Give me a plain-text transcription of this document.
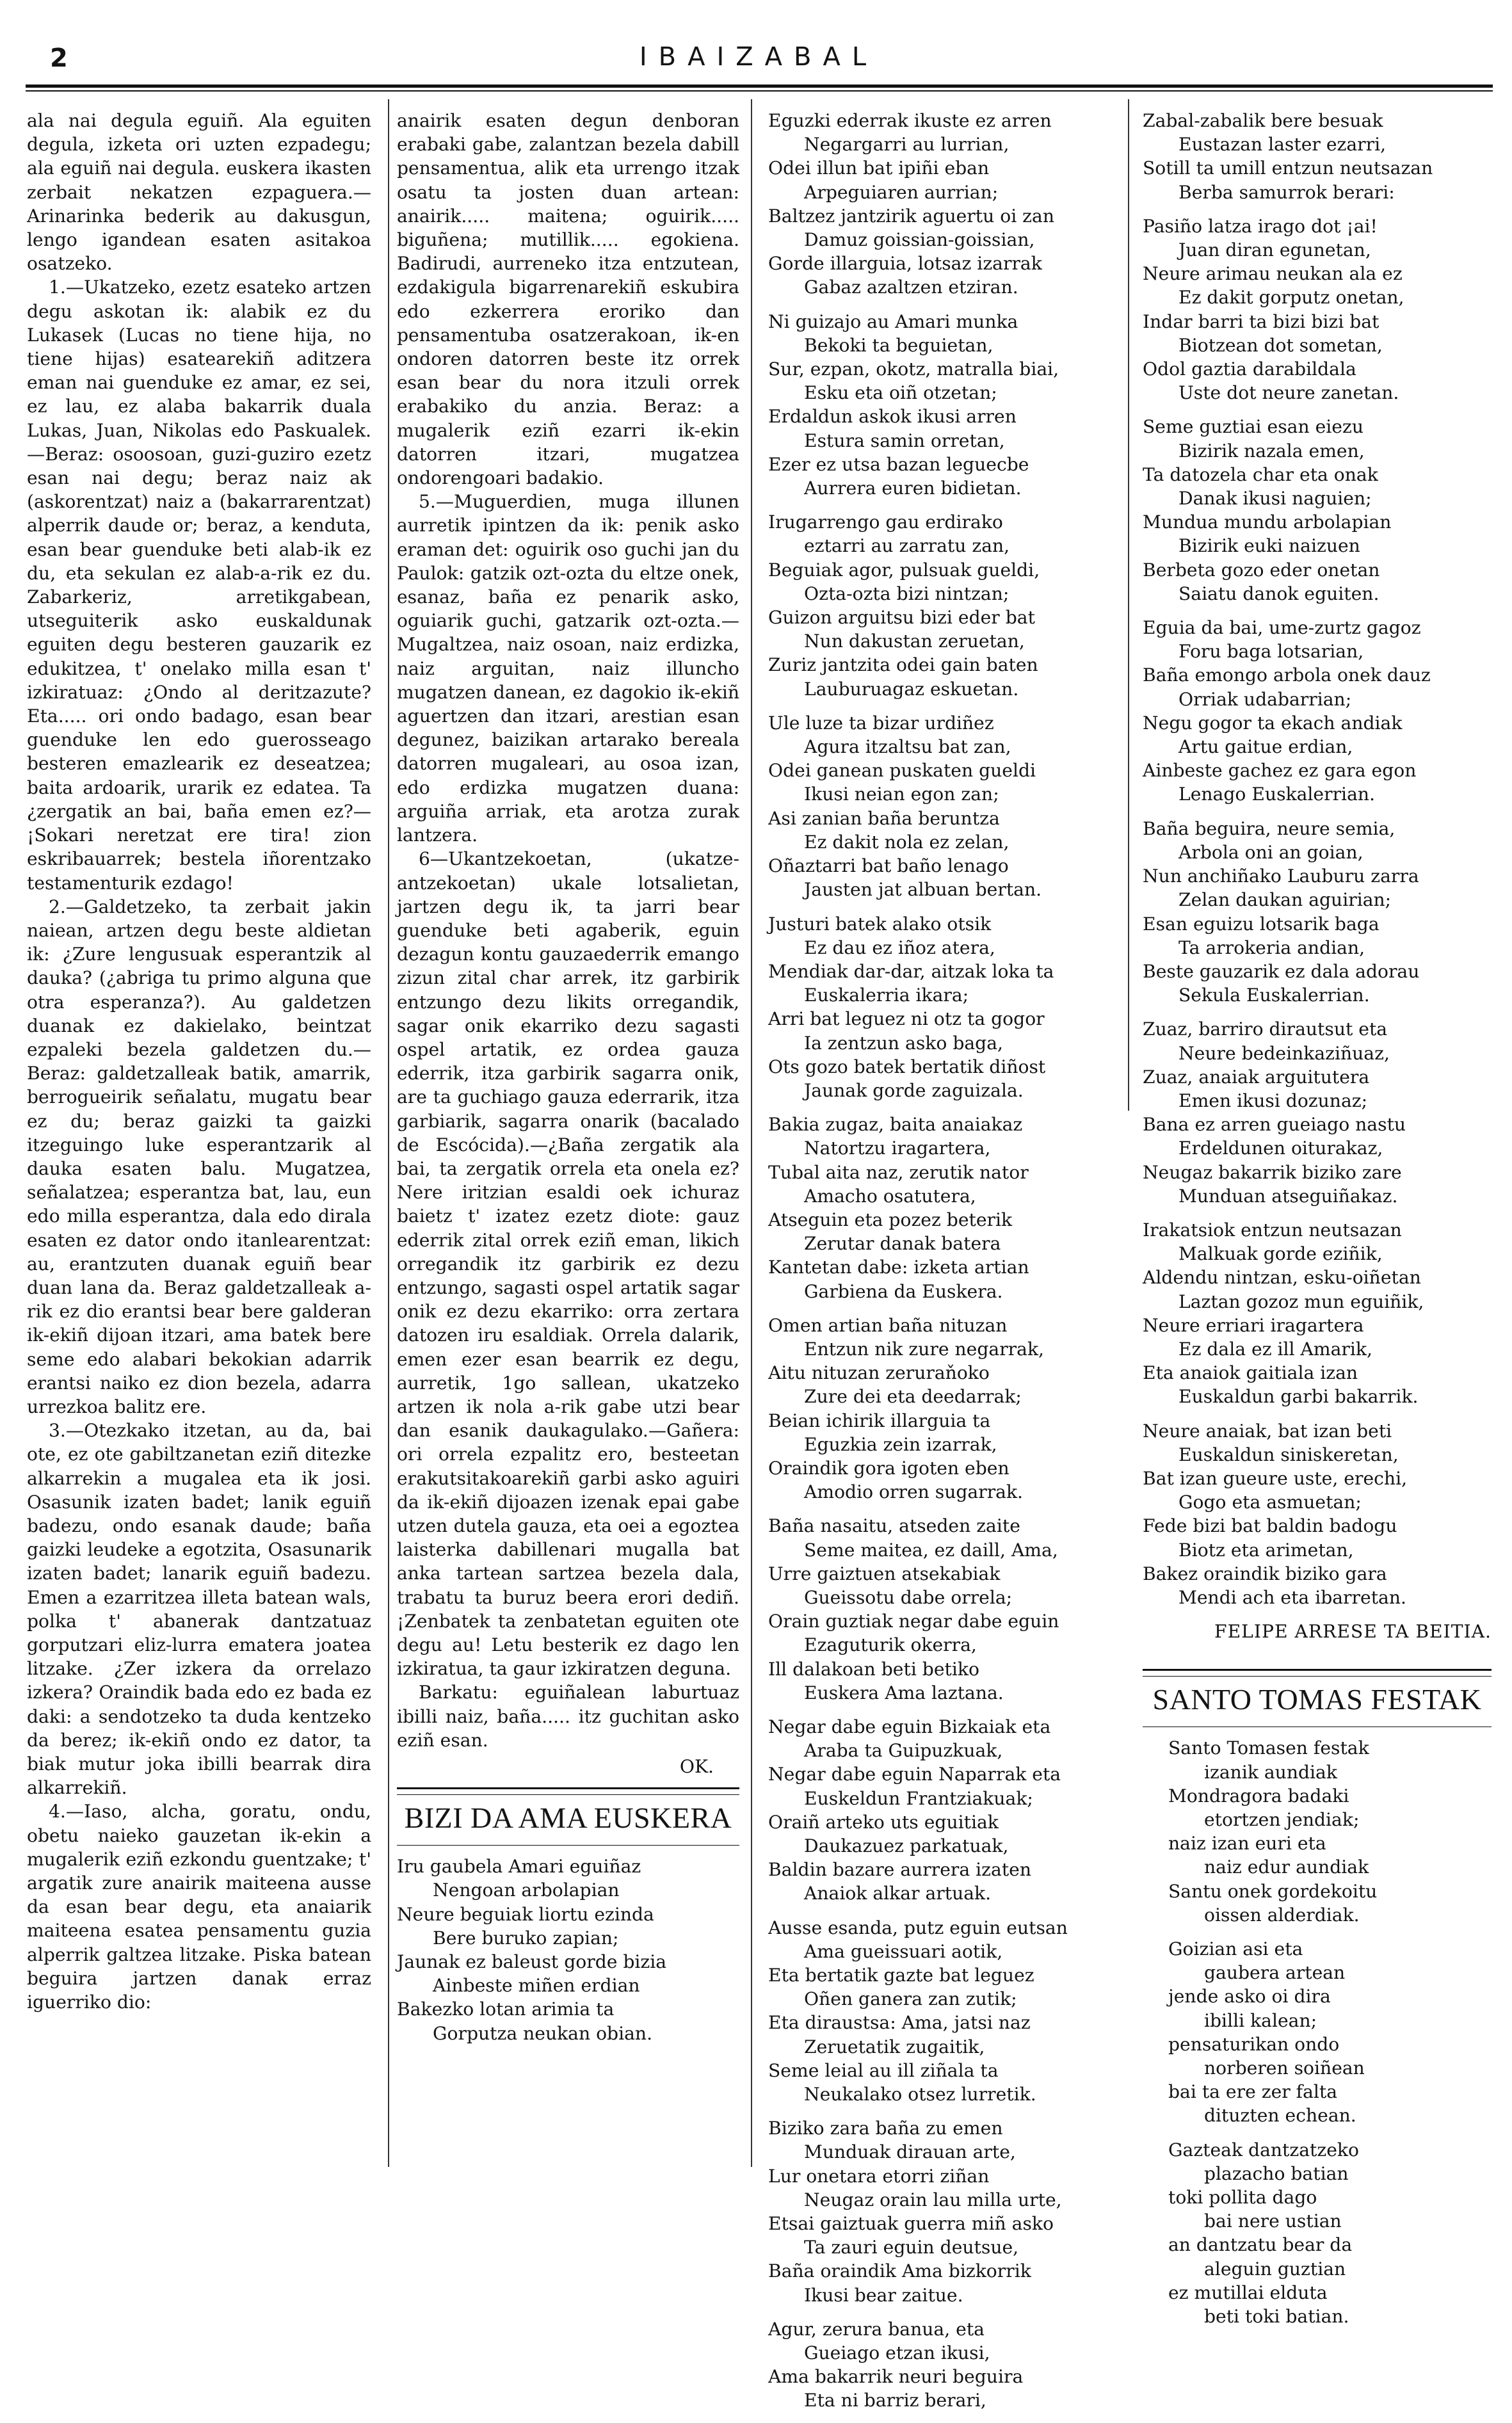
2	IBAIZABAL

ala nai degula eguiñ. Ala eguiten degula, izketa ori uzten ezpadegu; ala eguiñ nai degula. euskera ikasten zerbait nekatzen ezpaguera.—Arinarinka bederik au dakusgun, lengo igandean esaten asitakoa osatzeko.

1.—Ukatzeko, ezetz esateko artzen degu askotan ik: alabik ez du Lukasek (Lucas no tiene hija, no tiene hijas) esatearekiñ aditzera eman nai guenduke ez amar, ez sei, ez lau, ez alaba bakarrik duala Lukas, Juan, Nikolas edo Paskualek.—Beraz: osoosoan, guzi-guziro ezetz esan nai degu; beraz naiz ak (askorentzat) naiz a (bakarrarentzat) alperrik daude or; beraz, a kenduta, esan bear guenduke beti alab-ik ez du, eta sekulan ez alab-a-rik ez du. Zabarkeriz, arretikgabean, utseguiterik asko euskaldunak eguiten degu besteren gauzarik ez edukitzea, t' onelako milla esan t' izkiratuaz: ¿Ondo al deritzazute? Eta..... ori ondo badago, esan bear guenduke len edo guerosseago besteren emazlearik ez deseatzea; baita ardoarik, urarik ez edatea. Ta ¿zergatik an bai, baña emen ez?—¡Sokari neretzat ere tira! zion eskribauarrek; bestela iñorentzako testamenturik ezdago!

2.—Galdetzeko, ta zerbait jakin naiean, artzen degu beste aldietan ik: ¿Zure lengusuak esperantzik al dauka? (¿abriga tu primo alguna que otra esperanza?). Au galdetzen duanak ez dakielako, beintzat ezpaleki bezela galdetzen du.—Beraz: galdetzalleak batik, amarrik, berrogueirik señalatu, mugatu bear ez du; beraz gaizki ta gaizki itzeguingo luke esperantzarik al dauka esaten balu. Mugatzea, señalatzea; esperantza bat, lau, eun edo milla esperantza, dala edo dirala esaten ez dator ondo itanlearentzat: au, erantzuten duanak eguiñ bear duan lana da. Beraz galdetzalleak a-rik ez dio erantsi bear bere galderan ik-ekiñ dijoan itzari, ama batek bere seme edo alabari bekokian adarrik erantsi naiko ez dion bezela, adarra urrezkoa balitz ere.

3.—Otezkako itzetan, au da, bai ote, ez ote gabiltzanetan eziñ ditezke alkarrekin a mugalea eta ik josi. Osasunik izaten badet; lanik eguiñ badezu, ondo esanak daude; baña gaizki leudeke a egotzita, Osasunarik izaten badet; lanarik eguiñ badezu. Emen a ezarritzea illeta batean wals, polka t' abanerak dantzatuaz gorputzari eliz-lurra ematera joatea litzake. ¿Zer izkera da orrelazo izkera? Oraindik bada edo ez bada ez daki: a sendotzeko ta duda kentzeko da berez; ik-ekiñ ondo ez dator, ta biak mutur joka ibilli bearrak dira alkarrekiñ.

4.—Iaso, alcha, goratu, ondu, obetu naieko gauzetan ik-ekin a mugalerik eziñ ezkondu guentzake; t' argatik zure anairik maiteena ausse da esan bear degu, eta anaiarik maiteena esatea pensamentu guzia alperrik galtzea litzake. Piska batean beguira jartzen danak erraz iguerriko dio:

anairik esaten degun denboran erabaki gabe, zalantzan bezela dabill pensamentua, alik eta urrengo itzak osatu ta josten duan artean: anairik..... maitena; oguirik..... biguñena; mutillik..... egokiena. Badirudi, aurreneko itza entzutean, ezdakigula bigarrenarekiñ eskubira edo ezkerrera eroriko dan pensamentuba osatzerakoan, ik-en ondoren datorren beste itz orrek esan bear du nora itzuli orrek erabakiko du anzia. Beraz: a mugalerik eziñ ezarri ik-ekin datorren itzari, mugatzea ondorengoari badakio.

5.—Muguerdien, muga illunen aurretik ipintzen da ik: penik asko eraman det: oguirik oso guchi jan du Paulok: gatzik ozt-ozta du eltze onek, esanaz, baña ez penarik asko, oguiarik guchi, gatzarik ozt-ozta.—Mugaltzea, naiz osoan, naiz erdizka, naiz arguitan, naiz illuncho mugatzen danean, ez dagokio ik-ekiñ aguertzen dan itzari, arestian esan degunez, baizikan artarako bereala datorren mugaleari, au osoa izan, edo erdizka mugatzen duana: arguiña arriak, eta arotza zurak lantzera.

6—Ukantzekoetan, (ukatze-antzekoetan) ukale lotsalietan, jartzen degu ik, ta jarri bear guenduke beti agaberik, eguin dezagun kontu gauzaederrik emango zizun zital char arrek, itz garbirik entzungo dezu likits orregandik, sagar onik ekarriko dezu sagasti ospel artatik, ez ordea gauza ederrik, itza garbirik sagarra onik, are ta guchiago gauza ederrarik, itza garbiarik, sagarra onarik (bacalado de Escócida).—¿Baña zergatik ala bai, ta zergatik orrela eta onela ez? Nere iritzian esaldi oek ichuraz baietz t' izatez ezetz diote: gauz ederrik zital orrek eziñ eman, likich orregandik itz garbirik ez dezu entzungo, sagasti ospel artatik sagar onik ez dezu ekarriko: orra zertara datozen iru esaldiak. Orrela dalarik, emen ezer esan bearrik ez degu, aurretik, 1go sallean, ukatzeko artzen ik nola a-rik gabe utzi bear dan esanik daukagulako.—Gañera: ori orrela ezpalitz ero, besteetan erakutsitakoarekiñ garbi asko aguiri da ik-ekiñ dijoazen izenak epai gabe utzen dutela gauza, eta oei a egoztea laisterka dabillenari mugalla bat anka tartean sartzea bezela dala, trabatu ta buruz beera erori dediñ. ¡Zenbatek ta zenbatetan eguiten ote degu au! Letu besterik ez dago len izkiratua, ta gaur izkiratzen deguna.

Barkatu: eguiñalean laburtuaz ibilli naiz, baña..... itz guchitan asko eziñ esan.

OK.
BIZI DA AMA EUSKERA
Iru gaubela Amari eguiñaz
Nengoan arbolapian
Neure beguiak liortu ezinda
Bere buruko zapian;
Jaunak ez baleust gorde bizia
Ainbeste miñen erdian
Bakezko lotan arimia ta
Gorputza neukan obian.
Eguzki ederrak ikuste ez arren
Negargarri au lurrian,
Odei illun bat ipiñi eban
Arpeguiaren aurrian;
Baltzez jantzirik aguertu oi zan
Damuz goissian-goissian,
Gorde illarguia, lotsaz izarrak
Gabaz azaltzen etziran.
Ni guizajo au Amari munka
Bekoki ta beguietan,
Sur, ezpan, okotz, matralla biai,
Esku eta oiñ otzetan;
Erdaldun askok ikusi arren
Estura samin orretan,
Ezer ez utsa bazan leguecbe
Aurrera euren bidietan.
Irugarrengo gau erdirako
eztarri au zarratu zan,
Beguiak agor, pulsuak gueldi,
Ozta-ozta bizi nintzan;
Guizon arguitsu bizi eder bat
Nun dakustan zeruetan,
Zuriz jantzita odei gain baten
Lauburuagaz eskuetan.
Ule luze ta bizar urdiñez
Agura itzaltsu bat zan,
Odei ganean puskaten gueldi
Ikusi neian egon zan;
Asi zanian baña beruntza
Ez dakit nola ez zelan,
Oñaztarri bat baño lenago
Jausten jat albuan bertan.
Justuri batek alako otsik
Ez dau ez iñoz atera,
Mendiak dar-dar, aitzak loka ta
Euskalerria ikara;
Arri bat leguez ni otz ta gogor
Ia zentzun asko baga,
Ots gozo batek bertatik diñost
Jaunak gorde zaguizala.
Bakia zugaz, baita anaiakaz
Natortzu iragartera,
Tubal aita naz, zerutik nator
Amacho osatutera,
Atseguin eta pozez beterik
Zerutar danak batera
Kantetan dabe: izketa artian
Garbiena da Euskera.
Omen artian baña nituzan
Entzun nik zure negarrak,
Aitu nituzan zeruraňoko
Zure dei eta deedarrak;
Beian ichirik illarguia ta
Eguzkia zein izarrak,
Oraindik gora igoten eben
Amodio orren sugarrak.
Baña nasaitu, atseden zaite
Seme maitea, ez daill, Ama,
Urre gaiztuen atsekabiak
Gueissotu dabe orrela;
Orain guztiak negar dabe eguin
Ezaguturik okerra,
Ill dalakoan beti betiko
Euskera Ama laztana.
Negar dabe eguin Bizkaiak eta
Araba ta Guipuzkuak,
Negar dabe eguin Naparrak eta
Euskeldun Frantziakuak;
Oraiñ arteko uts eguitiak
Daukazuez parkatuak,
Baldin bazare aurrera izaten
Anaiok alkar artuak.
Ausse esanda, putz eguin eutsan
Ama gueissuari aotik,
Eta bertatik gazte bat leguez
Oñen ganera zan zutik;
Eta diraustsa: Ama, jatsi naz
Zeruetatik zugaitik,
Seme leial au ill ziñala ta
Neukalako otsez lurretik.
Biziko zara baña zu emen
Munduak dirauan arte,
Lur onetara etorri ziñan
Neugaz orain lau milla urte,
Etsai gaiztuak guerra miñ asko
Ta zauri eguin deutsue,
Baña oraindik Ama bizkorrik
Ikusi bear zaitue.
Agur, zerura banua, eta
Gueiago etzan ikusi,
Ama bakarrik neuri beguira
Eta ni barriz berari,
Zabal-zabalik bere besuak
Eustazan laster ezarri,
Sotill ta umill entzun neutsazan
Berba samurrok berari:
Pasiño latza irago dot ¡ai!
Juan diran egunetan,
Neure arimau neukan ala ez
Ez dakit gorputz onetan,
Indar barri ta bizi bizi bat
Biotzean dot sometan,
Odol gaztia darabildala
Uste dot neure zanetan.
Seme guztiai esan eiezu
Bizirik nazala emen,
Ta datozela char eta onak
Danak ikusi naguien;
Mundua mundu arbolapian
Bizirik euki naizuen
Berbeta gozo eder onetan
Saiatu danok eguiten.
Eguia da bai, ume-zurtz gagoz
Foru baga lotsarian,
Baña emongo arbola onek dauz
Orriak udabarrian;
Negu gogor ta ekach andiak
Artu gaitue erdian,
Ainbeste gachez ez gara egon
Lenago Euskalerrian.
Baña beguira, neure semia,
Arbola oni an goian,
Nun anchiñako Lauburu zarra
Zelan daukan aguirian;
Esan eguizu lotsarik baga
Ta arrokeria andian,
Beste gauzarik ez dala adorau
Sekula Euskalerrian.
Zuaz, barriro dirautsut eta
Neure bedeinkaziñuaz,
Zuaz, anaiak arguitutera
Emen ikusi dozunaz;
Bana ez arren gueiago nastu
Erdeldunen oiturakaz,
Neugaz bakarrik biziko zare
Munduan atseguiñakaz.
Irakatsiok entzun neutsazan
Malkuak gorde eziñik,
Aldendu nintzan, esku-oiñetan
Laztan gozoz mun eguiñik,
Neure erriari iragartera
Ez dala ez ill Amarik,
Eta anaiok gaitiala izan
Euskaldun garbi bakarrik.
Neure anaiak, bat izan beti
Euskaldun siniskeretan,
Bat izan gueure uste, erechi,
Gogo eta asmuetan;
Fede bizi bat baldin badogu
Biotz eta arimetan,
Bakez oraindik biziko gara
Mendi ach eta ibarretan.
FELIPE ARRESE TA BEITIA.
SANTO TOMAS FESTAK
Santo Tomasen festak
izanik aundiak
Mondragora badaki
etortzen jendiak;
naiz izan euri eta
naiz edur aundiak
Santu onek gordekoitu
oissen alderdiak.
Goizian asi eta
gaubera artean
jende asko oi dira
ibilli kalean;
pensaturikan ondo
norberen soiñean
bai ta ere zer falta
dituzten echean.
Gazteak dantzatzeko
plazacho batian
toki pollita dago
bai nere ustian
an dantzatu bear da
aleguin guztian
ez mutillai elduta
beti toki batian.
